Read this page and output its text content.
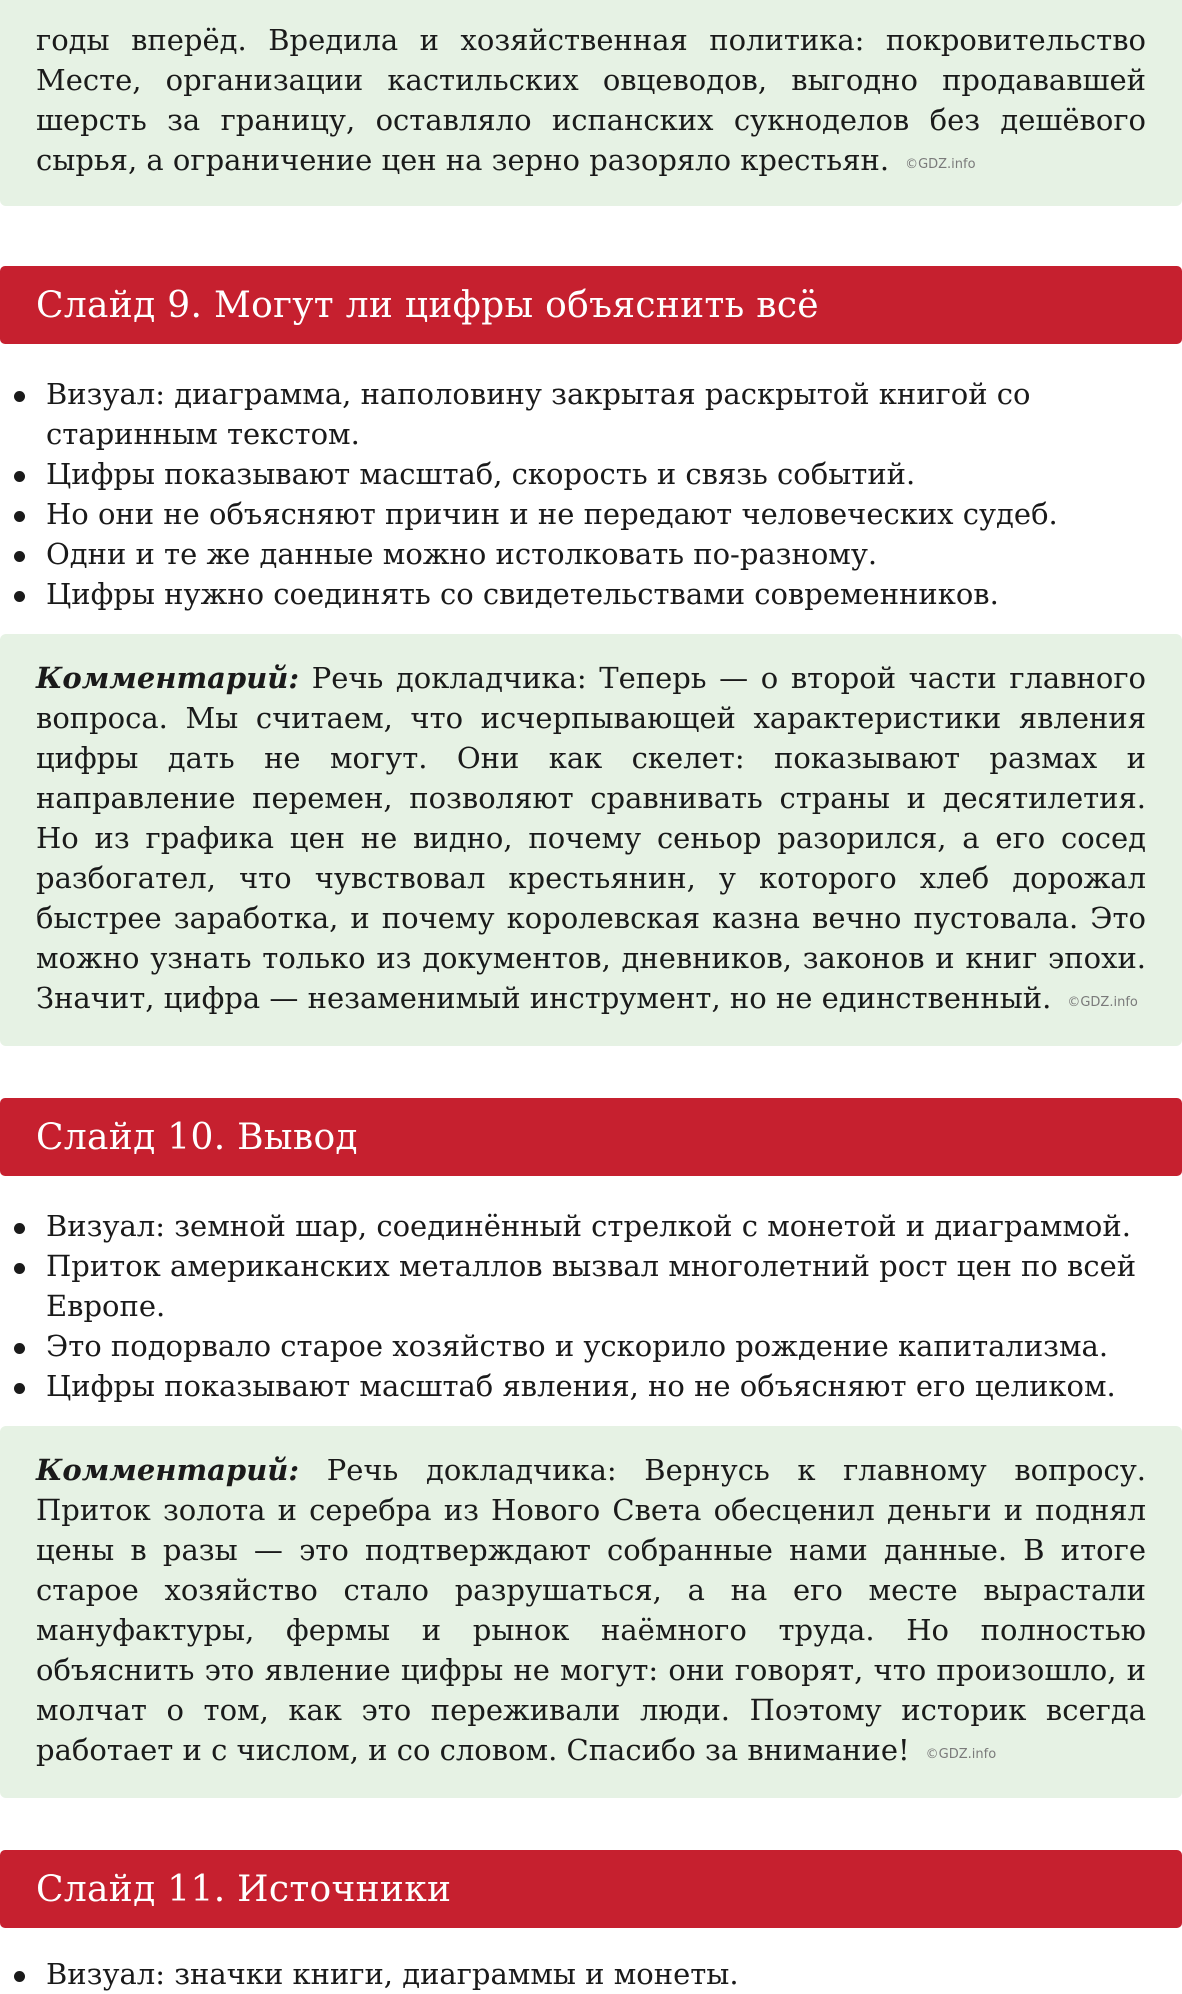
годы вперёд. Вредила и хозяйственная политика: покровительство Месте, организации кастильских овцеводов, выгодно продававшей шерсть за границу, оставляло испанских сукноделов без дешёвого сырья, а ограничение цен на зерно разоряло крестьян. ©GDZ.info

Слайд 9. Могут ли цифры объяснить всё
Визуал: диаграмма, наполовину закрытая раскрытой книгой со старинным текстом.
Цифры показывают масштаб, скорость и связь событий.
Но они не объясняют причин и не передают человеческих судеб.
Одни и те же данные можно истолковать по-разному.
Цифры нужно соединять со свидетельствами современников.

Комментарий: Речь докладчика: Теперь — о второй части главного вопроса. Мы считаем, что исчерпывающей характеристики явления цифры дать не могут. Они как скелет: показывают размах и направление перемен, позволяют сравнивать страны и десятилетия. Но из графика цен не видно, почему сеньор разорился, а его сосед разбогател, что чувствовал крестьянин, у которого хлеб дорожал быстрее заработка, и почему королевская казна вечно пустовала. Это можно узнать только из документов, дневников, законов и книг эпохи. Значит, цифра — незаменимый инструмент, но не единственный. ©GDZ.info

Слайд 10. Вывод
Визуал: земной шар, соединённый стрелкой с монетой и диаграммой.
Приток американских металлов вызвал многолетний рост цен по всей Европе.
Это подорвало старое хозяйство и ускорило рождение капитализма.
Цифры показывают масштаб явления, но не объясняют его целиком.

Комментарий: Речь докладчика: Вернусь к главному вопросу. Приток золота и серебра из Нового Света обесценил деньги и поднял цены в разы — это подтверждают собранные нами данные. В итоге старое хозяйство стало разрушаться, а на его месте вырастали мануфактуры, фермы и рынок наёмного труда. Но полностью объяснить это явление цифры не могут: они говорят, что произошло, и молчат о том, как это переживали люди. Поэтому историк всегда работает и с числом, и со словом. Спасибо за внимание! ©GDZ.info

Слайд 11. Источники
Визуал: значки книги, диаграммы и монеты.
